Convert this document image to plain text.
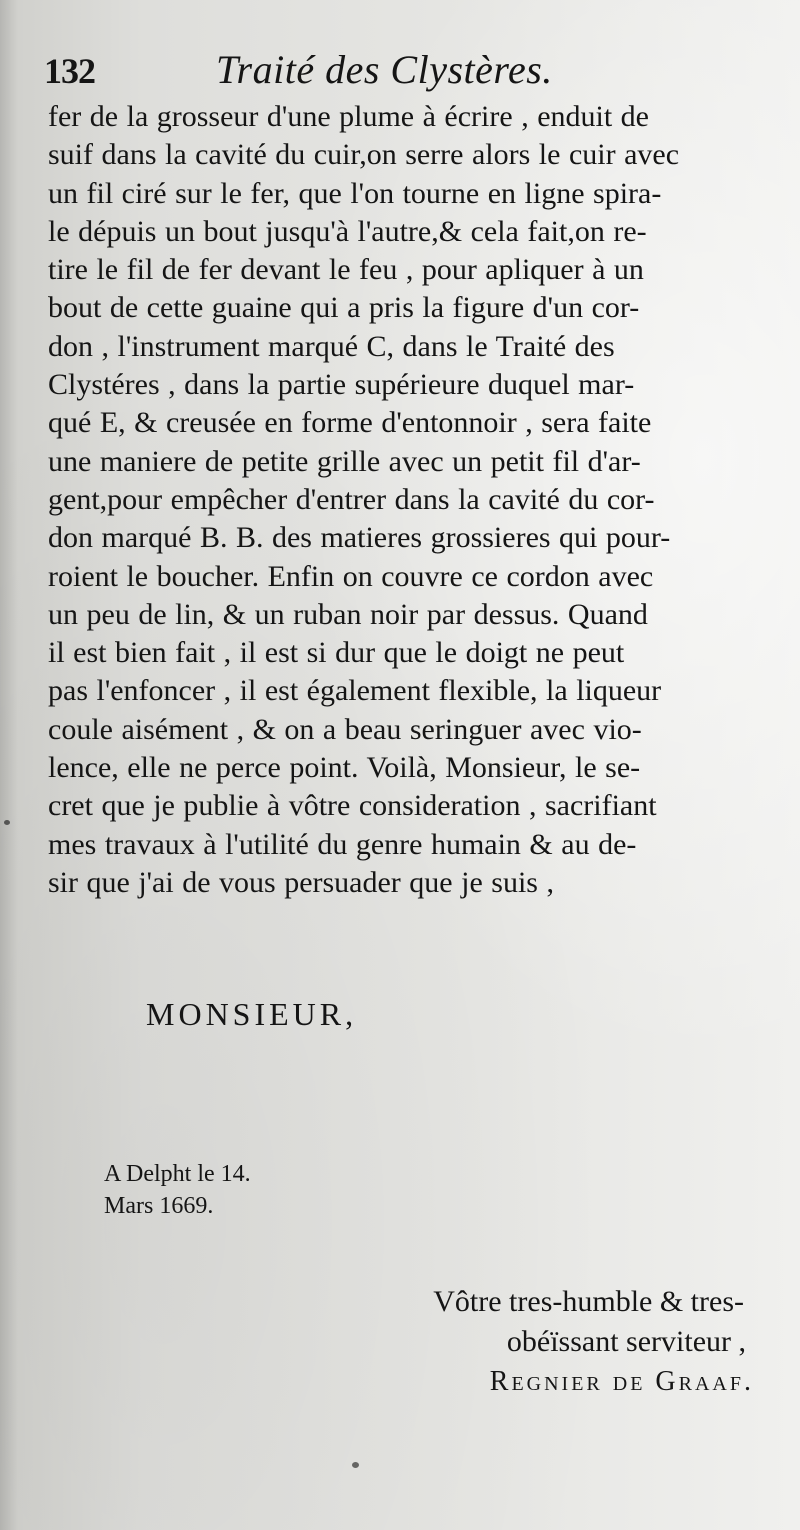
132	Traité des Clystères.
fer de la grosseur d'une plume à écrire , enduit de
suif dans la cavité du cuir,on serre alors le cuir avec
un fil ciré sur le fer, que l'on tourne en ligne spira-
le dépuis un bout jusqu'à l'autre,& cela fait,on re-
tire le fil de fer devant le feu , pour apliquer à un
bout de cette guaine qui a pris la figure d'un cor-
don , l'instrument marqué C, dans le Traité des
Clystéres , dans la partie supérieure duquel mar-
qué E, & creusée en forme d'entonnoir , sera faite
une maniere de petite grille avec un petit fil d'ar-
gent,pour empêcher d'entrer dans la cavité du cor-
don marqué B. B. des matieres grossieres qui pour-
roient le boucher. Enfin on couvre ce cordon avec
un peu de lin, & un ruban noir par dessus. Quand
il est bien fait , il est si dur que le doigt ne peut
pas l'enfoncer , il est également flexible, la liqueur
coule aisément , & on a beau seringuer avec vio-
lence, elle ne perce point. Voilà, Monsieur, le se-
cret que je publie à vôtre consideration , sacrifiant
mes travaux à l'utilité du genre humain & au de-
sir que j'ai de vous persuader que je suis ,
MONSIEUR,
A Delpht le 14.
Mars 1669.
Vôtre tres-humble & tres-
obéïssant serviteur ,
Regnier de Graaf.
